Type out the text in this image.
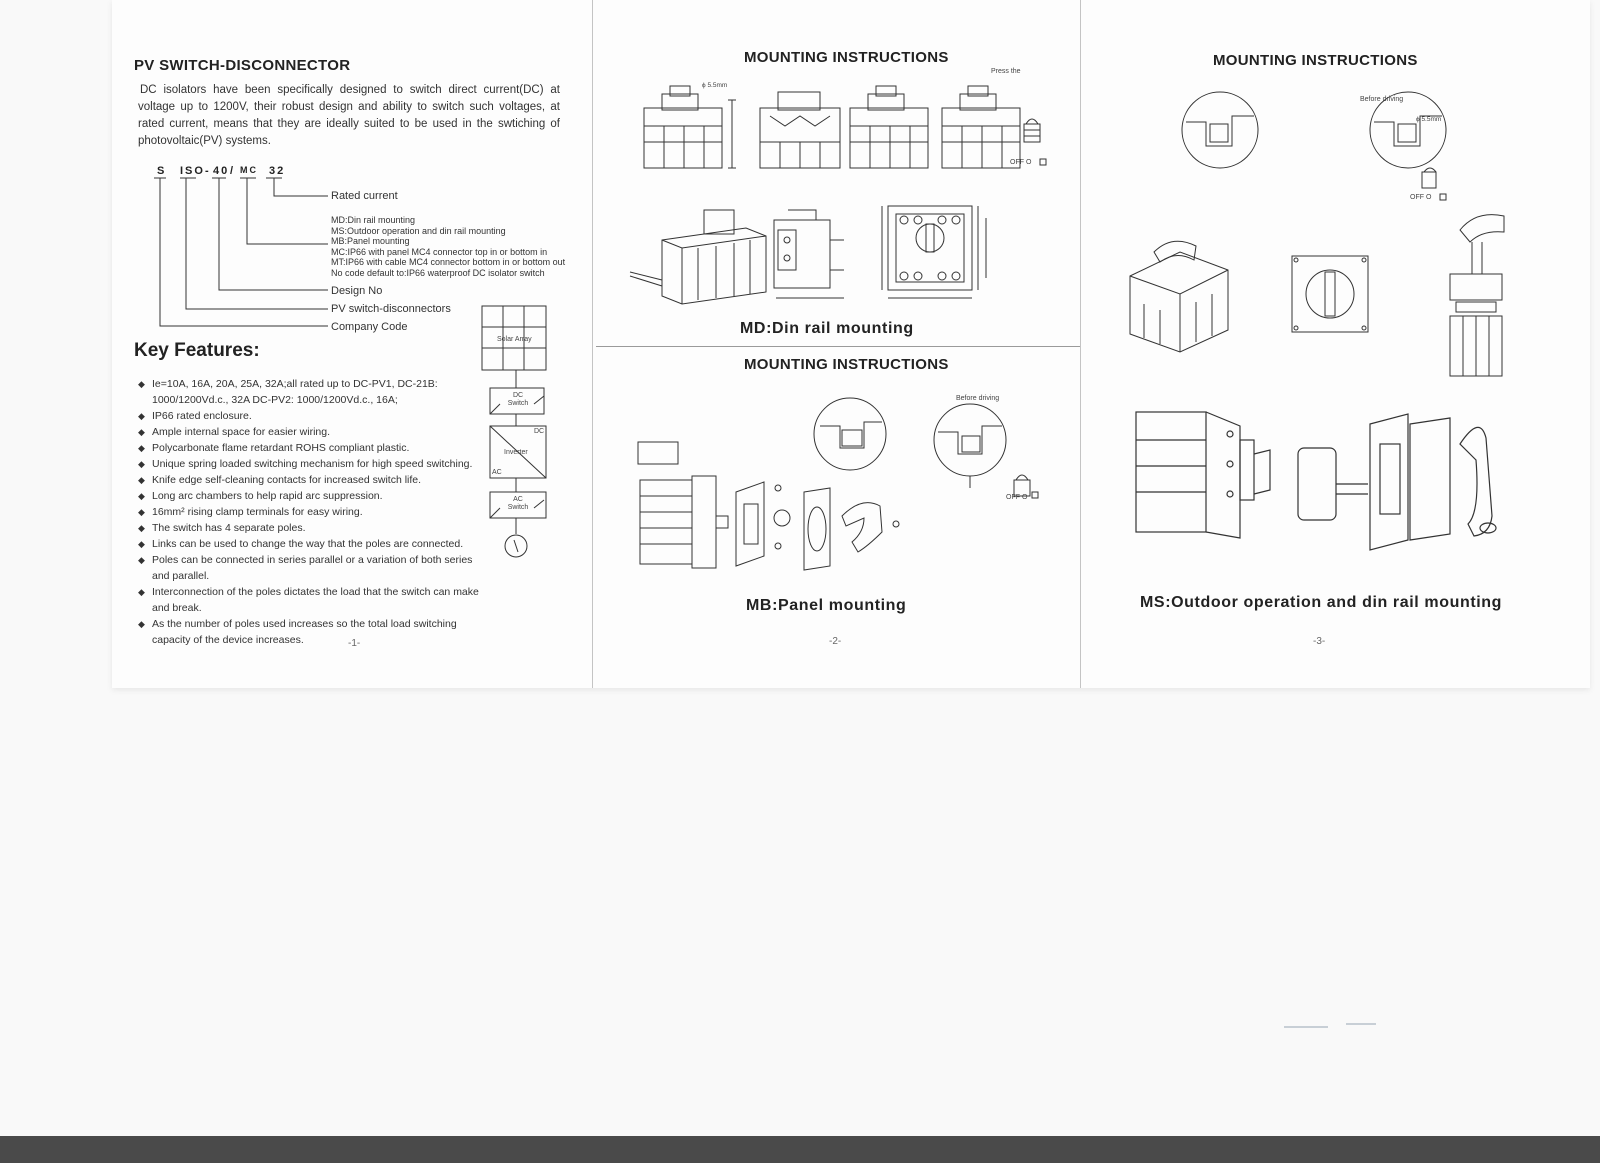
PV SWITCH-DISCONNECTOR
DC isolators have been specifically designed to switch direct current(DC) at voltage up to 1200V, their robust design and ability to switch such voltages, at rated current, means that they are ideally suited to be used in the swtiching of photovoltaic(PV) systems.
S ISO - 40 / MC 32
Rated current
MD:Din rail mounting
MS:Outdoor operation and din rail mounting
MB:Panel mounting
MC:IP66 with panel MC4 connector top in or bottom in
MT:IP66 with cable MC4 connector bottom in or bottom out
No code default to:IP66 waterproof DC isolator switch
Design No
PV switch-disconnectors
Company Code
Key Features:
◆ Ie=10A, 16A, 20A, 25A, 32A;all rated up to DC-PV1, DC-21B: 1000/1200Vd.c., 32A DC-PV2: 1000/1200Vd.c., 16A;
◆ IP66 rated enclosure.
◆ Ample internal space for easier wiring.
◆ Polycarbonate flame retardant ROHS compliant plastic.
◆ Unique spring loaded switching mechanism for high speed switching.
◆ Knife edge self-cleaning contacts for increased switch life.
◆ Long arc chambers to help rapid arc suppression.
◆ 16mm² rising clamp terminals for easy wiring.
◆ The switch has 4 separate poles.
◆ Links can be used to change the way that the poles are connected.
◆ Poles can be connected in series parallel or a variation of both series and parallel.
◆ Interconnection of the poles dictates the load that the switch can make and break.
◆ As the number of poles used increases so the total load switching capacity of the device increases.
Solar Array
DC Switch
DC
Inverter
AC
AC Switch
-1-
MOUNTING INSTRUCTIONS
Press the
ϕ 5.5mm
OFF O
MD:Din rail mounting
MOUNTING INSTRUCTIONS
Before driving
OFF O
MB:Panel mounting
-2-
MOUNTING INSTRUCTIONS
Before driving
ϕ 5.5mm
OFF O
MS:Outdoor operation and din rail mounting
-3-
